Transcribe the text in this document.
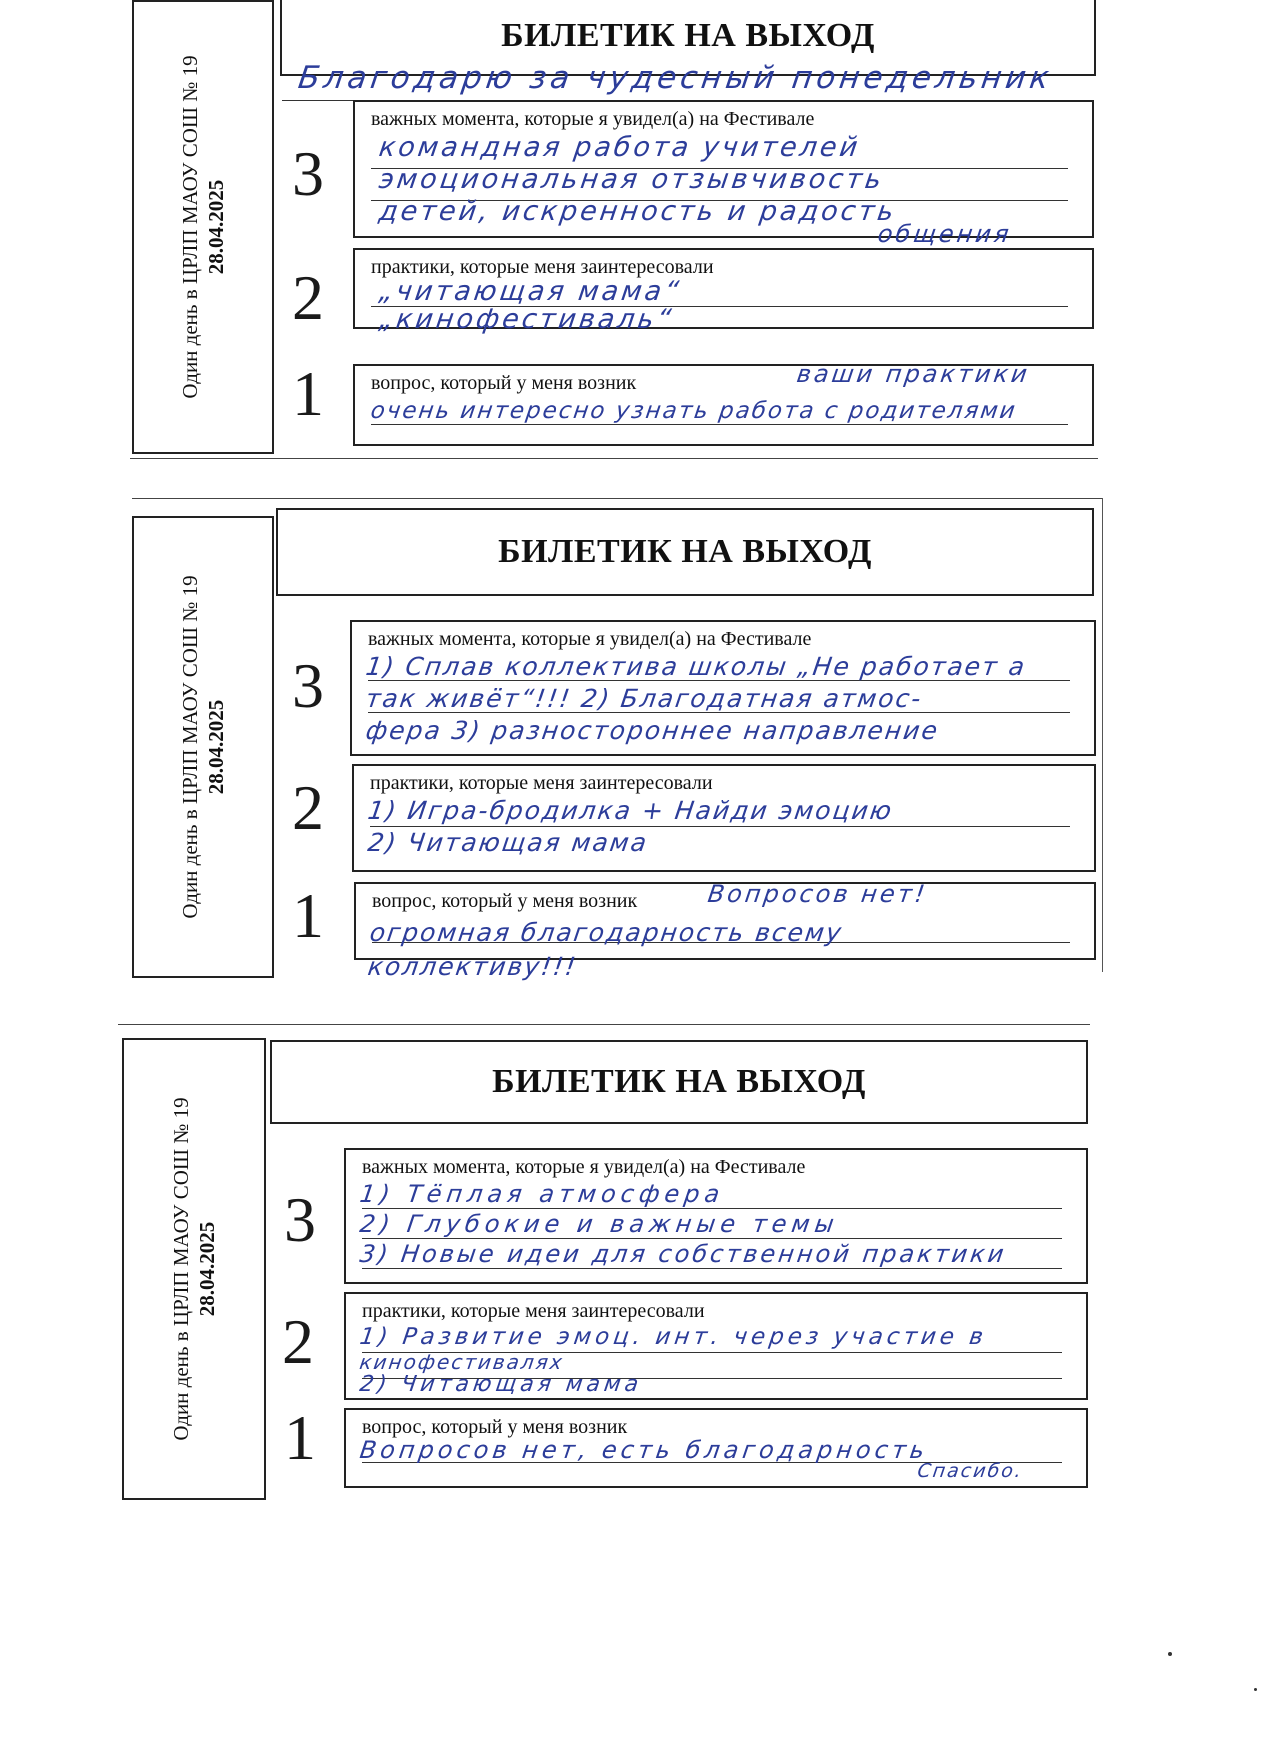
Один день в ЦРЛП МАОУ СОШ № 19 28.04.2025
БИЛЕТИК НА ВЫХОД
Благодарю за чудесный понедельник
3
важных момента, которые я увидел(а) на Фестивале
командная работа учителей
эмоциональная отзывчивость
детей, искренность и радость
общения
2 практики, которые меня заинтересовали
„читающая мама“
„кинофестиваль“
1 вопрос, который у меня возник	ваши практики
очень интересно узнать работа с родителями
Один день в ЦРЛП МАОУ СОШ № 19 28.04.2025
БИЛЕТИК НА ВЫХОД
3
важных момента, которые я увидел(а) на Фестивале
1) Сплав коллектива школы „Не работает а
так живёт“!!! 2) Благодатная атмос-
фера 3) разностороннее направление
2 практики, которые меня заинтересовали
1) Игра-бродилка + Найди эмоцию
2) Читающая мама
1 вопрос, который у меня возник	Вопросов нет!
огромная благодарность всему
коллективу!!!
Один день в ЦРЛП МАОУ СОШ № 19 28.04.2025
БИЛЕТИК НА ВЫХОД
3
важных момента, которые я увидел(а) на Фестивале
1) Тёплая атмосфера
2) Глубокие и важные темы
3) Новые идеи для собственной практики
2 практики, которые меня заинтересовали
1) Развитие эмоц. инт. через участие в
кинофестивалях
2) Читающая мама
1 вопрос, который у меня возник
Вопросов нет, есть благодарность
Спасибо.
